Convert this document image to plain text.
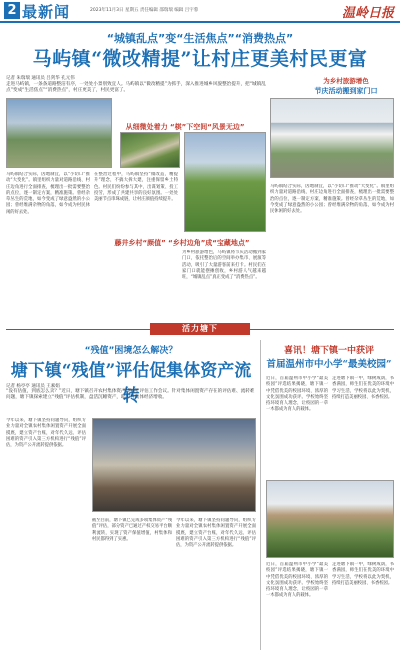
2 最新闻	2023年11月3日 星期五 责任编辑 邵瑞瑞 编辑 吕宇蓉	温岭日报
“城镇乱点”变“生活焦点”“消费热点”
马屿镇“微改精提”让村庄更美村民更富
记者 朱瑞瑞 通讯员 吕剑华 孔元伟
走进马屿镇，一条条道路整洁有序，一处处小景别致宜人。马屿镇以“微改精提”为抓手，深入推进城乡风貌整治提升，把“城镇乱点”变成“生活焦点”“消费热点”，村庄更美了，村民更富了。
为乡村旅游增色
节庆活动搬到家门口
从细微处着力 “棋”下空间“风景无边”
马屿镇结合实际，因地制宜，以“小切口”推动“大变化”。镇里组织力量对道路沿线、村庄边角进行全面排查，梳理出一批需要整治的点位，逐一制定方案，精准施策。曾经杂草丛生的荒地，如今变成了绿意盎然的小公园；曾经堆满杂物的角落，如今成为村民休闲的好去处。
在整治过程中，马屿镇坚持“微改造、精提升”理念，不搞大拆大建，注重保留乡土特色。村民们纷纷参与其中，出谋划策、投工投劳，形成了共建共享的良好氛围。一处处美丽节点串珠成链，让村庄颜值持续提升。
藤井乡村“颜值” “乡村边角”成“宝藏地点”
为乡村旅游增色，马屿镇将节庆活动搬到家门口，依托整治后的空间举办集市、展演等活动，吸引了大量游客前来打卡。村民们在家门口就能摆摊创收，乡村游人气越来越旺，“城镇乱点”真正变成了“消费热点”。
马屿镇结合实际，因地制宜，以“小切口”推动“大变化”。镇里组织力量对道路沿线、村庄边角进行全面排查，梳理出一批需要整治的点位，逐一制定方案，精准施策。曾经杂草丛生的荒地，如今变成了绿意盎然的小公园；曾经堆满杂物的角落，如今成为村民休闲的好去处。
活力塘下
“残值”困境怎么解决？
塘下镇“残值”评估促集体资产流转
记者 杨亭亭 通讯员 王素娟
“没有估值，到底怎么卖？”近日，塘下镇召开农村集体资产“残值”评估工作会议。针对集体闲置资产存在的评估难、流转难问题，塘下镇探索建立“残值”评估机制，盘活沉睡资产，助力村集体经济增收。
今年以来，塘下镇坚持问题导向，组织专业力量对全镇农村集体闲置资产开展全面摸底，建立资产台账，对年代久远、评估困难的资产引入第三方机构进行“残值”评估，为资产公开流转提供依据。
截至目前，塘下镇已完成多项集体资产“残值”评估，部分资产已通过产权交易平台顺利流转，实现了资产保值增值，村集体和村民都得到了实惠。
今年以来，塘下镇坚持问题导向，组织专业力量对全镇农村集体闲置资产开展全面摸底，建立资产台账，对年代久远、评估困难的资产引入第三方机构进行“残值”评估，为资产公开流转提供依据。
喜讯！塘下镇一中获评
首届温州市中小学“最美校园”
近日，首届温州市中小学“最美校园”评选结果揭晓，塘下镇一中凭借优美的校园环境、浓厚的文化氛围成功获评。学校始终坚持环境育人理念，让校园的一草一木都成为育人的载体。
走进塘下镇一中，绿树成荫，书香满园，师生们在优美的环境中学习生活，学校将以此为契机，持续打造美丽校园、书香校园。
近日，首届温州市中小学“最美校园”评选结果揭晓，塘下镇一中凭借优美的校园环境、浓厚的文化氛围成功获评。学校始终坚持环境育人理念，让校园的一草一木都成为育人的载体。
走进塘下镇一中，绿树成荫，书香满园，师生们在优美的环境中学习生活，学校将以此为契机，持续打造美丽校园、书香校园。
